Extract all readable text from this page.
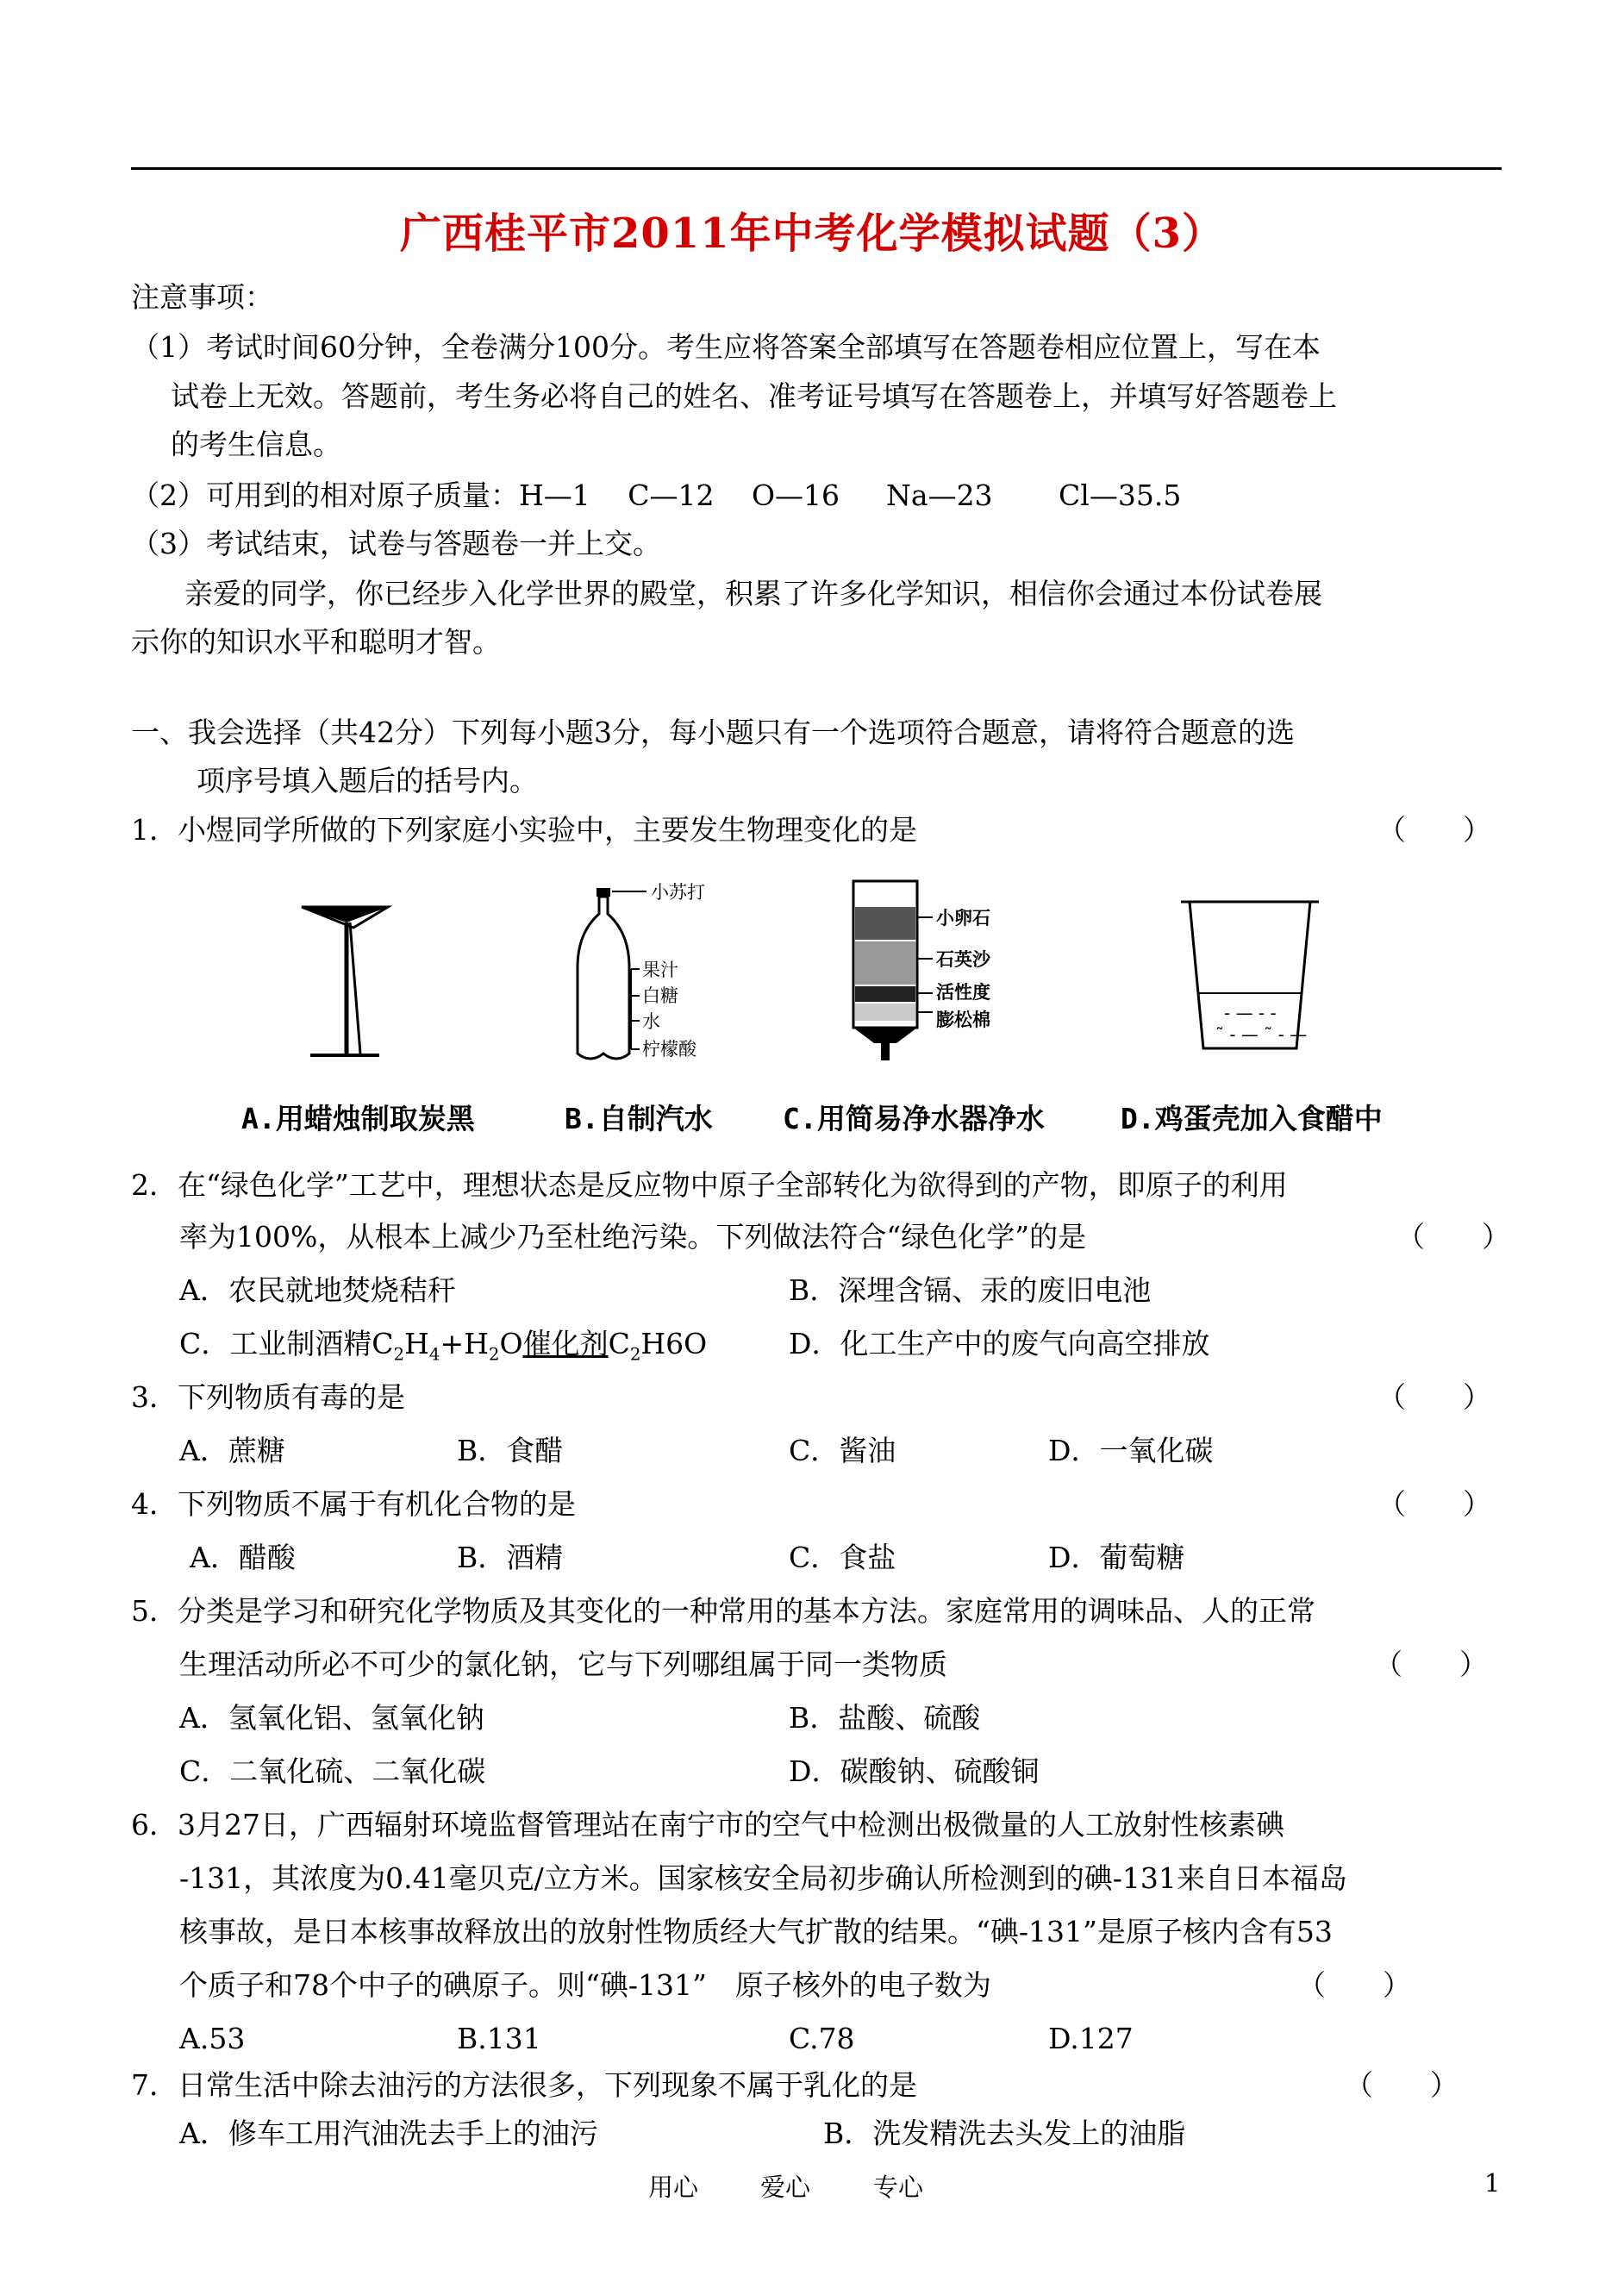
广西桂平市2011年中考化学模拟试题（3）
注意事项：
（1）考试时间60分钟，全卷满分100分。考生应将答案全部填写在答题卷相应位置上，写在本
试卷上无效。答题前，考生务必将自己的姓名、准考证号填写在答题卷上，并填写好答题卷上
的考生信息。
（2）可用到的相对原子质量：H—1　 C—12　 O—16 　 Na—23　　 Cl—35.5
（3）考试结束，试卷与答题卷一并上交。
亲爱的同学，你已经步入化学世界的殿堂，积累了许多化学知识，相信你会通过本份试卷展
示你的知识水平和聪明才智。
一、我会选择（共42分）下列每小题3分，每小题只有一个选项符合题意，请将符合题意的选
项序号填入题后的括号内。
1．小煜同学所做的下列家庭小实验中，主要发生物理变化的是	（　　）
小苏打
果汁
白糖
水
柠檬酸
小卵石
石英沙
活性度
膨松棉	- — - -
˜ - — ˜ - —
A.用蜡烛制取炭黑	B.自制汽水 C.用简易净水器净水	D.鸡蛋壳加入食醋中
2．在“绿色化学”工艺中，理想状态是反应物中原子全部转化为欲得到的产物，即原子的利用
率为100%，从根本上减少乃至杜绝污染。下列做法符合“绿色化学”的是	（　　）
A．农民就地焚烧秸秆	B．深埋含镉、汞的废旧电池
C．工业制酒精$C_2H_4+H_2O$催化剂$C_2H6O$	D．化工生产中的废气向高空排放
3．下列物质有毒的是	（　　）
A．蔗糖	B．食醋	C．酱油	D．一氧化碳
4．下列物质不属于有机化合物的是	（　　）
A．醋酸	B．酒精	C．食盐	D．葡萄糖
5．分类是学习和研究化学物质及其变化的一种常用的基本方法。家庭常用的调味品、人的正常
生理活动所必不可少的氯化钠，它与下列哪组属于同一类物质	（　　）
A．氢氧化铝、氢氧化钠	B．盐酸、硫酸
C．二氧化硫、二氧化碳	D．碳酸钠、硫酸铜
6．3月27日，广西辐射环境监督管理站在南宁市的空气中检测出极微量的人工放射性核素碘
-131，其浓度为0.41毫贝克/立方米。国家核安全局初步确认所检测到的碘-131来自日本福岛
核事故，是日本核事故释放出的放射性物质经大气扩散的结果。“碘-131”是原子核内含有53
个质子和78个中子的碘原子。则“碘-131”　原子核外的电子数为	（　　）
A.53	B.131	C.78	D.127
7．日常生活中除去油污的方法很多，下列现象不属于乳化的是	（　　）
A．修车工用汽油洗去手上的油污	B．洗发精洗去头发上的油脂
用心 爱心	专心	1
